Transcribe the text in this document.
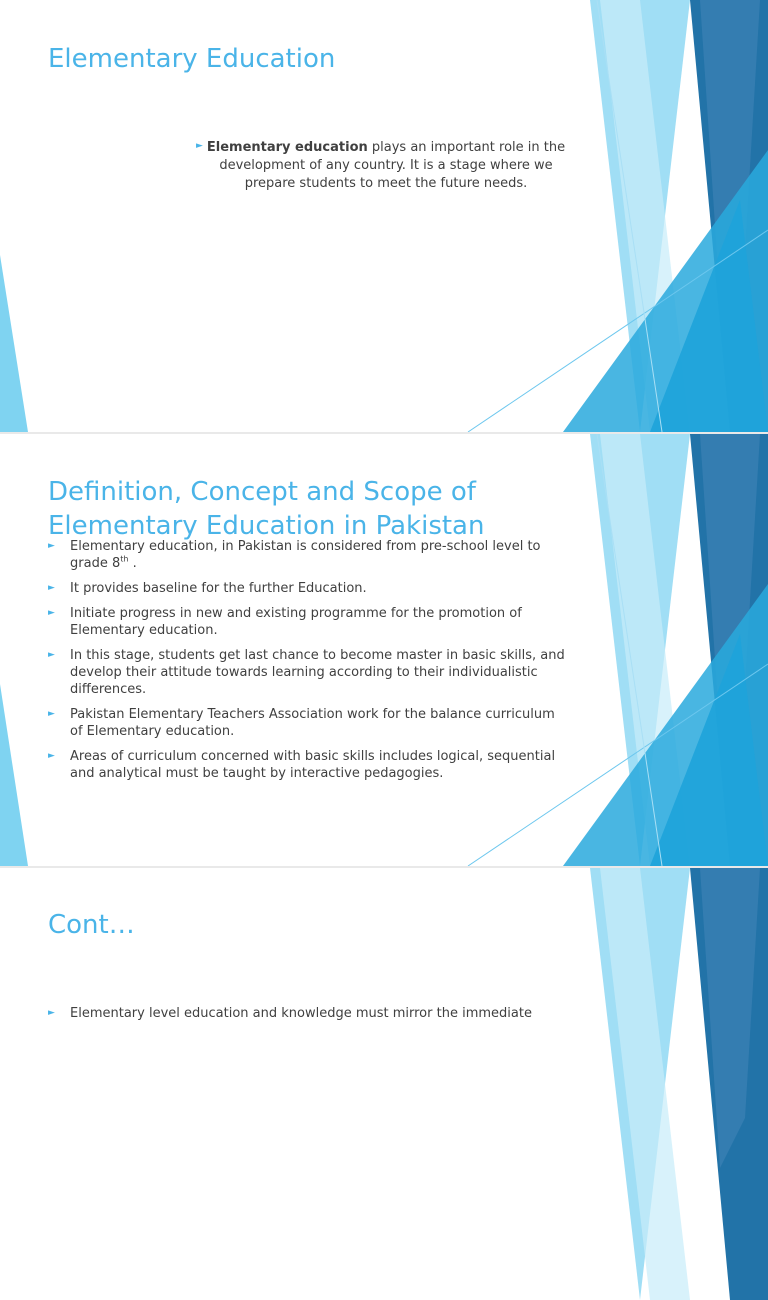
Elementary Education
► Elementary education plays an important role in the development of any country. It is a stage where we prepare students to meet the future needs.
Definition, Concept and Scope of Elementary Education in Pakistan
► Elementary education, in Pakistan is considered from pre-school level to grade 8th .
► It provides baseline for the further Education.
► Initiate progress in new and existing programme for the promotion of Elementary education.
► In this stage, students get last chance to become master in basic skills, and develop their attitude towards learning according to their individualistic differences.
► Pakistan Elementary Teachers Association work for the balance curriculum of Elementary education.
► Areas of curriculum concerned with basic skills includes logical, sequential and analytical must be taught by interactive pedagogies.
Cont…
► Elementary level education and knowledge must mirror the immediate
